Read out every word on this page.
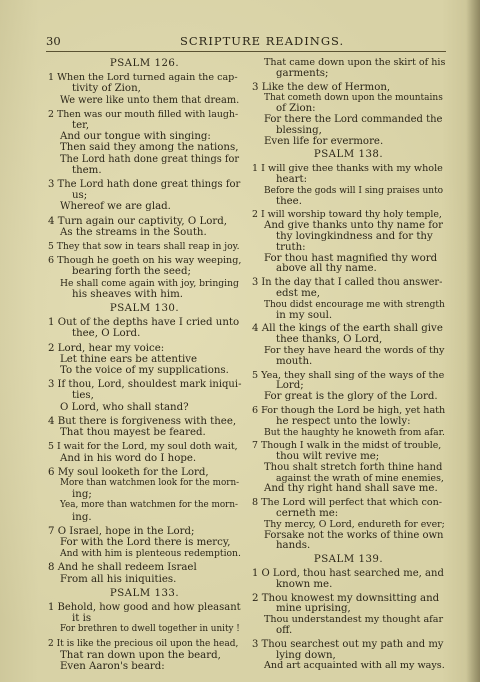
30	SCRIPTURE READINGS.
PSALM 126.
1 When the Lord turned again the cap-
tivity of Zion,
We were like unto them that dream.
2 Then was our mouth filled with laugh-
ter,
And our tongue with singing:
Then said they among the nations,
The Lord hath done great things for
them.
3 The Lord hath done great things for
us;
Whereof we are glad.
4 Turn again our captivity, O Lord,
As the streams in the South.
5 They that sow in tears shall reap in joy.
6 Though he goeth on his way weeping,
bearing forth the seed;
He shall come again with joy, bringing
his sheaves with him.
PSALM 130.
1 Out of the depths have I cried unto
thee, O Lord.
2 Lord, hear my voice:
Let thine ears be attentive
To the voice of my supplications.
3 If thou, Lord, shouldest mark iniqui-
ties,
O Lord, who shall stand?
4 But there is forgiveness with thee,
That thou mayest be feared.
5 I wait for the Lord, my soul doth wait,
And in his word do I hope.
6 My soul looketh for the Lord,
More than watchmen look for the morn-
ing;
Yea, more than watchmen for the morn-
ing.
7 O Israel, hope in the Lord;
For with the Lord there is mercy,
And with him is plenteous redemption.
8 And he shall redeem Israel
From all his iniquities.
PSALM 133.
1 Behold, how good and how pleasant
it is
For brethren to dwell together in unity !
2 It is like the precious oil upon the head,
That ran down upon the beard,
Even Aaron's beard:
That came down upon the skirt of his
garments;
3 Like the dew of Hermon,
That cometh down upon the mountains
of Zion:
For there the Lord commanded the
blessing,
Even life for evermore.
PSALM 138.
1 I will give thee thanks with my whole
heart:
Before the gods will I sing praises unto
thee.
2 I will worship toward thy holy temple,
And give thanks unto thy name for
thy lovingkindness and for thy
truth:
For thou hast magnified thy word
above all thy name.
3 In the day that I called thou answer-
edst me,
Thou didst encourage me with strength
in my soul.
4 All the kings of the earth shall give
thee thanks, O Lord,
For they have heard the words of thy
mouth.
5 Yea, they shall sing of the ways of the
Lord;
For great is the glory of the Lord.
6 For though the Lord be high, yet hath
he respect unto the lowly:
But the haughty he knoweth from afar.
7 Though I walk in the midst of trouble,
thou wilt revive me;
Thou shalt stretch forth thine hand
against the wrath of mine enemies,
And thy right hand shall save me.
8 The Lord will perfect that which con-
cerneth me:
Thy mercy, O Lord, endureth for ever;
Forsake not the works of thine own
hands.
PSALM 139.
1 O Lord, thou hast searched me, and
known me.
2 Thou knowest my downsitting and
mine uprising,
Thou understandest my thought afar
off.
3 Thou searchest out my path and my
lying down,
And art acquainted with all my ways.
